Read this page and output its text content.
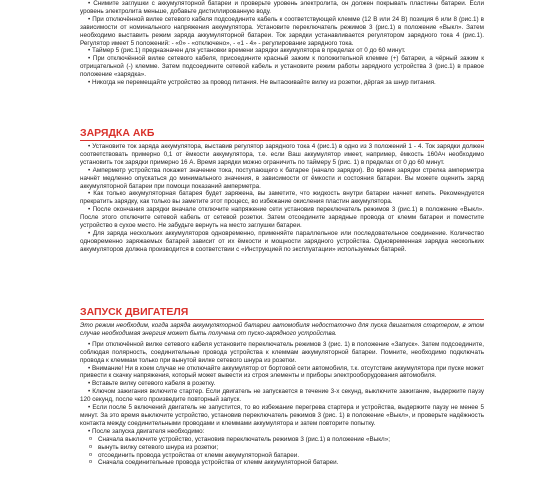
• Снимите заглушки с аккумуляторной батареи и проверьте уровень электролита, он должен покрывать пластины батареи. Если уровень электролита меньше, добавьте дистиллированную воду.

• При отключённой вилке сетевого кабеля подсоедините кабель к соответствующей клемме (12 В или 24 В) позиция 6 или 8 (рис.1) в зависимости от номинального напряжения аккумулятора. Установите переключатель режимов 3 (рис.1) в положение «Выкл». Затем необходимо выставить режим заряда аккумуляторной батареи. Ток зарядки устанавливается регулятором зарядного тока 4 (рис.1). Регулятор имеет 5 положений: - «0» - «отключено», - «1 - 4» - регулирование зарядного тока.

• Таймер 5 (рис.1) предназначен для установки времени зарядки аккумулятора в пределах от 0 до 60 минут.

• При отключённой вилке сетевого кабеля, присоедините красный зажим к положительной клемме (+) батареи, а чёрный зажим к отрицательной (-) клемме. Затем подсоедините сетевой кабель и установите режим работы зарядного устройства 3 (рис.1) в правое положение «зарядка».

• Никогда не перемещайте устройство за провод питания. Не вытаскивайте вилку из розетки, дёргая за шнур питания.

ЗАРЯДКА АКБ

• Установите ток заряда аккумулятора, выставив регулятор зарядного тока 4 (рис.1) в одно из 3 положений 1 - 4. Ток зарядки должен соответствовать примерно 0,1 от ёмкости аккумулятора, т.е. если Ваш аккумулятор имеет, например, ёмкость 160Ач необходимо установить ток зарядки примерно 16 А. Время зарядки можно ограничить по таймеру 5 (рис. 1) в пределах от 0 до 60 минут.

• Амперметр устройства покажет значение тока, поступающего к батарее (начало зарядки). Во время зарядки стрелка амперметра начнёт медленно опускаться до минимального значения, в зависимости от ёмкости и состояния батареи. Вы можете оценить заряд аккумуляторной батареи при помощи показаний амперметра.

• Как только аккумуляторная батарея будет заряжена, вы заметите, что жидкость внутри батареи начнет кипеть. Рекомендуется прекратить зарядку, как только вы заметите этот процесс, во избежание окисления пластин аккумулятора.

• После окончания зарядки вначале отключите напряжение сети установив переключатель режимов 3 (рис.1) в положение «Выкл». После этого отключите сетевой кабель от сетевой розетки. Затем отсоедините зарядные провода от клемм батареи и поместите устройство в сухое место. Не забудьте вернуть на место заглушки батареи.

• Для заряда нескольких аккумуляторов одновременно, применяйте параллельное или последовательное соединение. Количество одновременно заряжаемых батарей зависит от их ёмкости и мощности зарядного устройства. Одновременная зарядка нескольких аккумуляторов должна производится в соответствии с «Инструкцией по эксплуатации» используемых батарей.

ЗАПУСК ДВИГАТЕЛЯ

Это режим необходим, когда заряда аккумуляторной батареи автомобиля недостаточно для пуска двигателя стартером, в этом случае необходимая энергия может быть получена от пуско-зарядного устройства.

• При отключённой вилке сетевого кабеля установите переключатель режимов 3 (рис. 1) в положение «Запуск». Затем подсоедините, соблюдая полярность, соединительные провода устройства к клеммам аккумуляторной батареи. Помните, необходимо подключать провода к клеммам только при вынутой вилке сетевого шнура из розетки.

• Внимание! Ни в коем случае не отключайте аккумулятор от бортовой сети автомобиля, т.к. отсутствие аккумулятора при пуске может привести к скачку напряжения, который может вывести из строя элементы и приборы электрооборудования автомобиля.

• Вставьте вилку сетевого кабеля в розетку.

• Ключом зажигания включите стартер. Если двигатель не запускается в течение 3-х секунд, выключите зажигание, выдержите паузу 120 секунд, после чего произведите повторный запуск.

• Если после 5 включений двигатель не запустится, то во избежание перегрева стартера и устройства, выдержите паузу не менее 5 минут. За это время выключите устройство, установив переключатель режимов 3 (рис. 1) в положение «Выкл», и проверьте надёжность контакта между соединительными проводами и клеммами аккумулятора и затем повторите попытку.

• После запуска двигателя необходимо:

o Сначала выключите устройство, установив переключатель режимов 3 (рис.1) в положение «Выкл»;
o вынуть вилку сетевого шнура из розетки;
o отсоединить провода устройства от клемм аккумуляторной батареи.
o Сначала соединительные провода устройства от клемм аккумуляторной батареи.
